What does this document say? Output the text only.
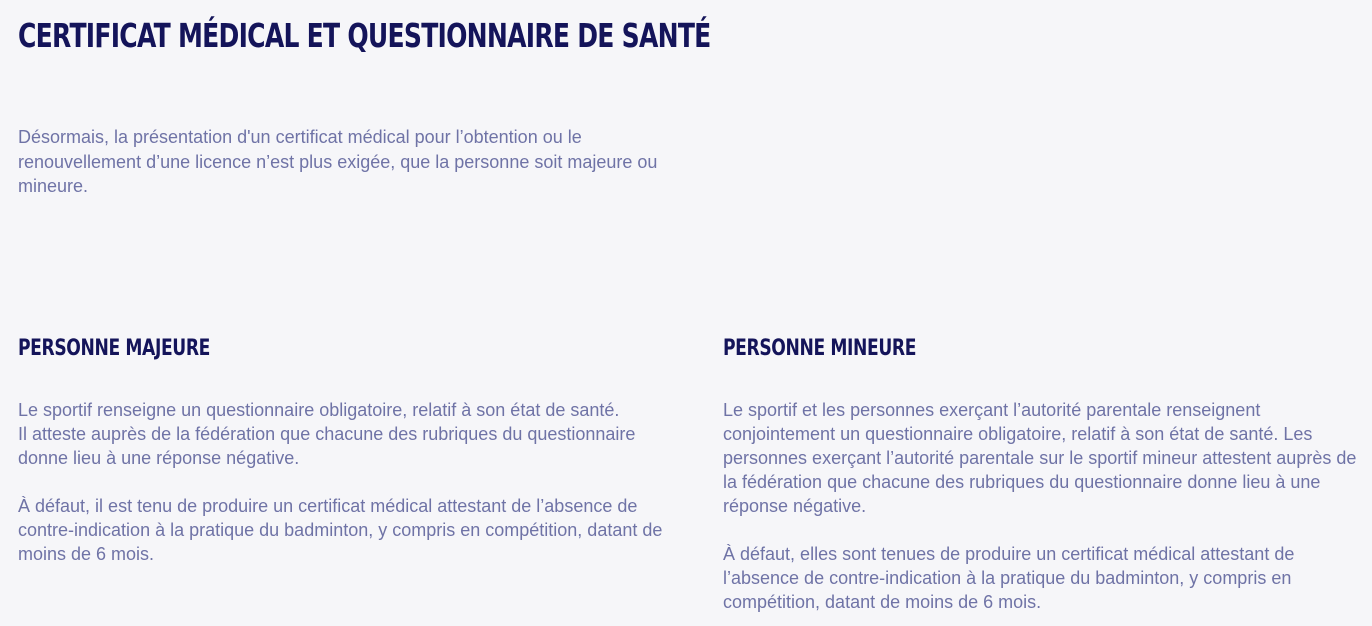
CERTIFICAT MÉDICAL ET QUESTIONNAIRE DE SANTÉ

Désormais, la présentation d'un certificat médical pour l’obtention ou le renouvellement d’une licence n’est plus exigée, que la personne soit majeure ou mineure.

PERSONNE MAJEURE

Le sportif renseigne un questionnaire obligatoire, relatif à son état de santé.
Il atteste auprès de la fédération que chacune des rubriques du questionnaire donne lieu à une réponse négative.

À défaut, il est tenu de produire un certificat médical attestant de l’absence de contre-indication à la pratique du badminton, y compris en compétition, datant de moins de 6 mois.

PERSONNE MINEURE

Le sportif et les personnes exerçant l’autorité parentale renseignent conjointement un questionnaire obligatoire, relatif à son état de santé. Les personnes exerçant l’autorité parentale sur le sportif mineur attestent auprès de la fédération que chacune des rubriques du questionnaire donne lieu à une réponse négative.

À défaut, elles sont tenues de produire un certificat médical attestant de l’absence de contre-indication à la pratique du badminton, y compris en compétition, datant de moins de 6 mois.
